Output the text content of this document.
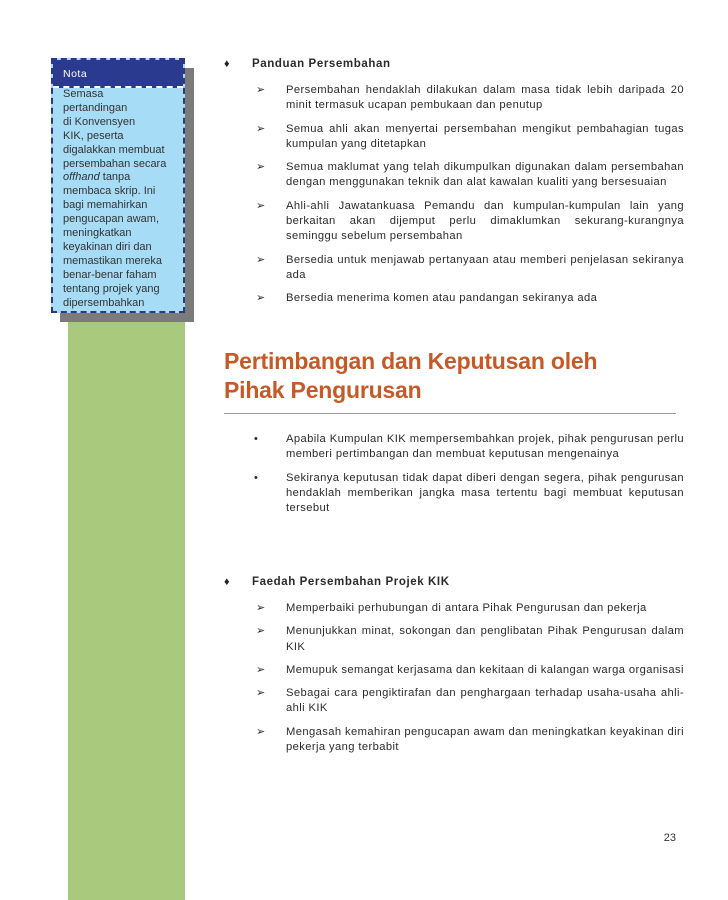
Nota
Semasa
pertandingan
di Konvensyen
KIK, peserta
digalakkan membuat
persembahan secara
offhand tanpa
membaca skrip. Ini
bagi memahirkan
pengucapan awam,
meningkatkan
keyakinan diri dan
memastikan mereka
benar-benar faham
tentang projek yang
dipersembahkan
♦ Panduan Persembahan
➢ Persembahan hendaklah dilakukan dalam masa tidak lebih daripada 20 minit termasuk ucapan pembukaan dan penutup
➢ Semua ahli akan menyertai persembahan mengikut pembahagian tugas kumpulan yang ditetapkan
➢ Semua maklumat yang telah dikumpulkan digunakan dalam persembahan dengan menggunakan teknik dan alat kawalan kualiti yang bersesuaian
➢ Ahli-ahli Jawatankuasa Pemandu dan kumpulan-kumpulan lain yang berkaitan akan dijemput perlu dimaklumkan sekurang-kurangnya seminggu sebelum persembahan
➢ Bersedia untuk menjawab pertanyaan atau memberi penjelasan sekiranya ada
➢ Bersedia menerima komen atau pandangan sekiranya ada
Pertimbangan dan Keputusan oleh
Pihak Pengurusan
• Apabila Kumpulan KIK mempersembahkan projek, pihak pengurusan perlu memberi pertimbangan dan membuat keputusan mengenainya
• Sekiranya keputusan tidak dapat diberi dengan segera, pihak pengurusan hendaklah memberikan jangka masa tertentu bagi membuat keputusan tersebut
♦ Faedah Persembahan Projek KIK
➢ Memperbaiki perhubungan di antara Pihak Pengurusan dan pekerja
➢ Menunjukkan minat, sokongan dan penglibatan Pihak Pengurusan dalam KIK
➢ Memupuk semangat kerjasama dan kekitaan di kalangan warga organisasi
➢ Sebagai cara pengiktirafan dan penghargaan terhadap usaha-usaha ahli-ahli KIK
➢ Mengasah kemahiran pengucapan awam dan meningkatkan keyakinan diri pekerja yang terbabit
23
